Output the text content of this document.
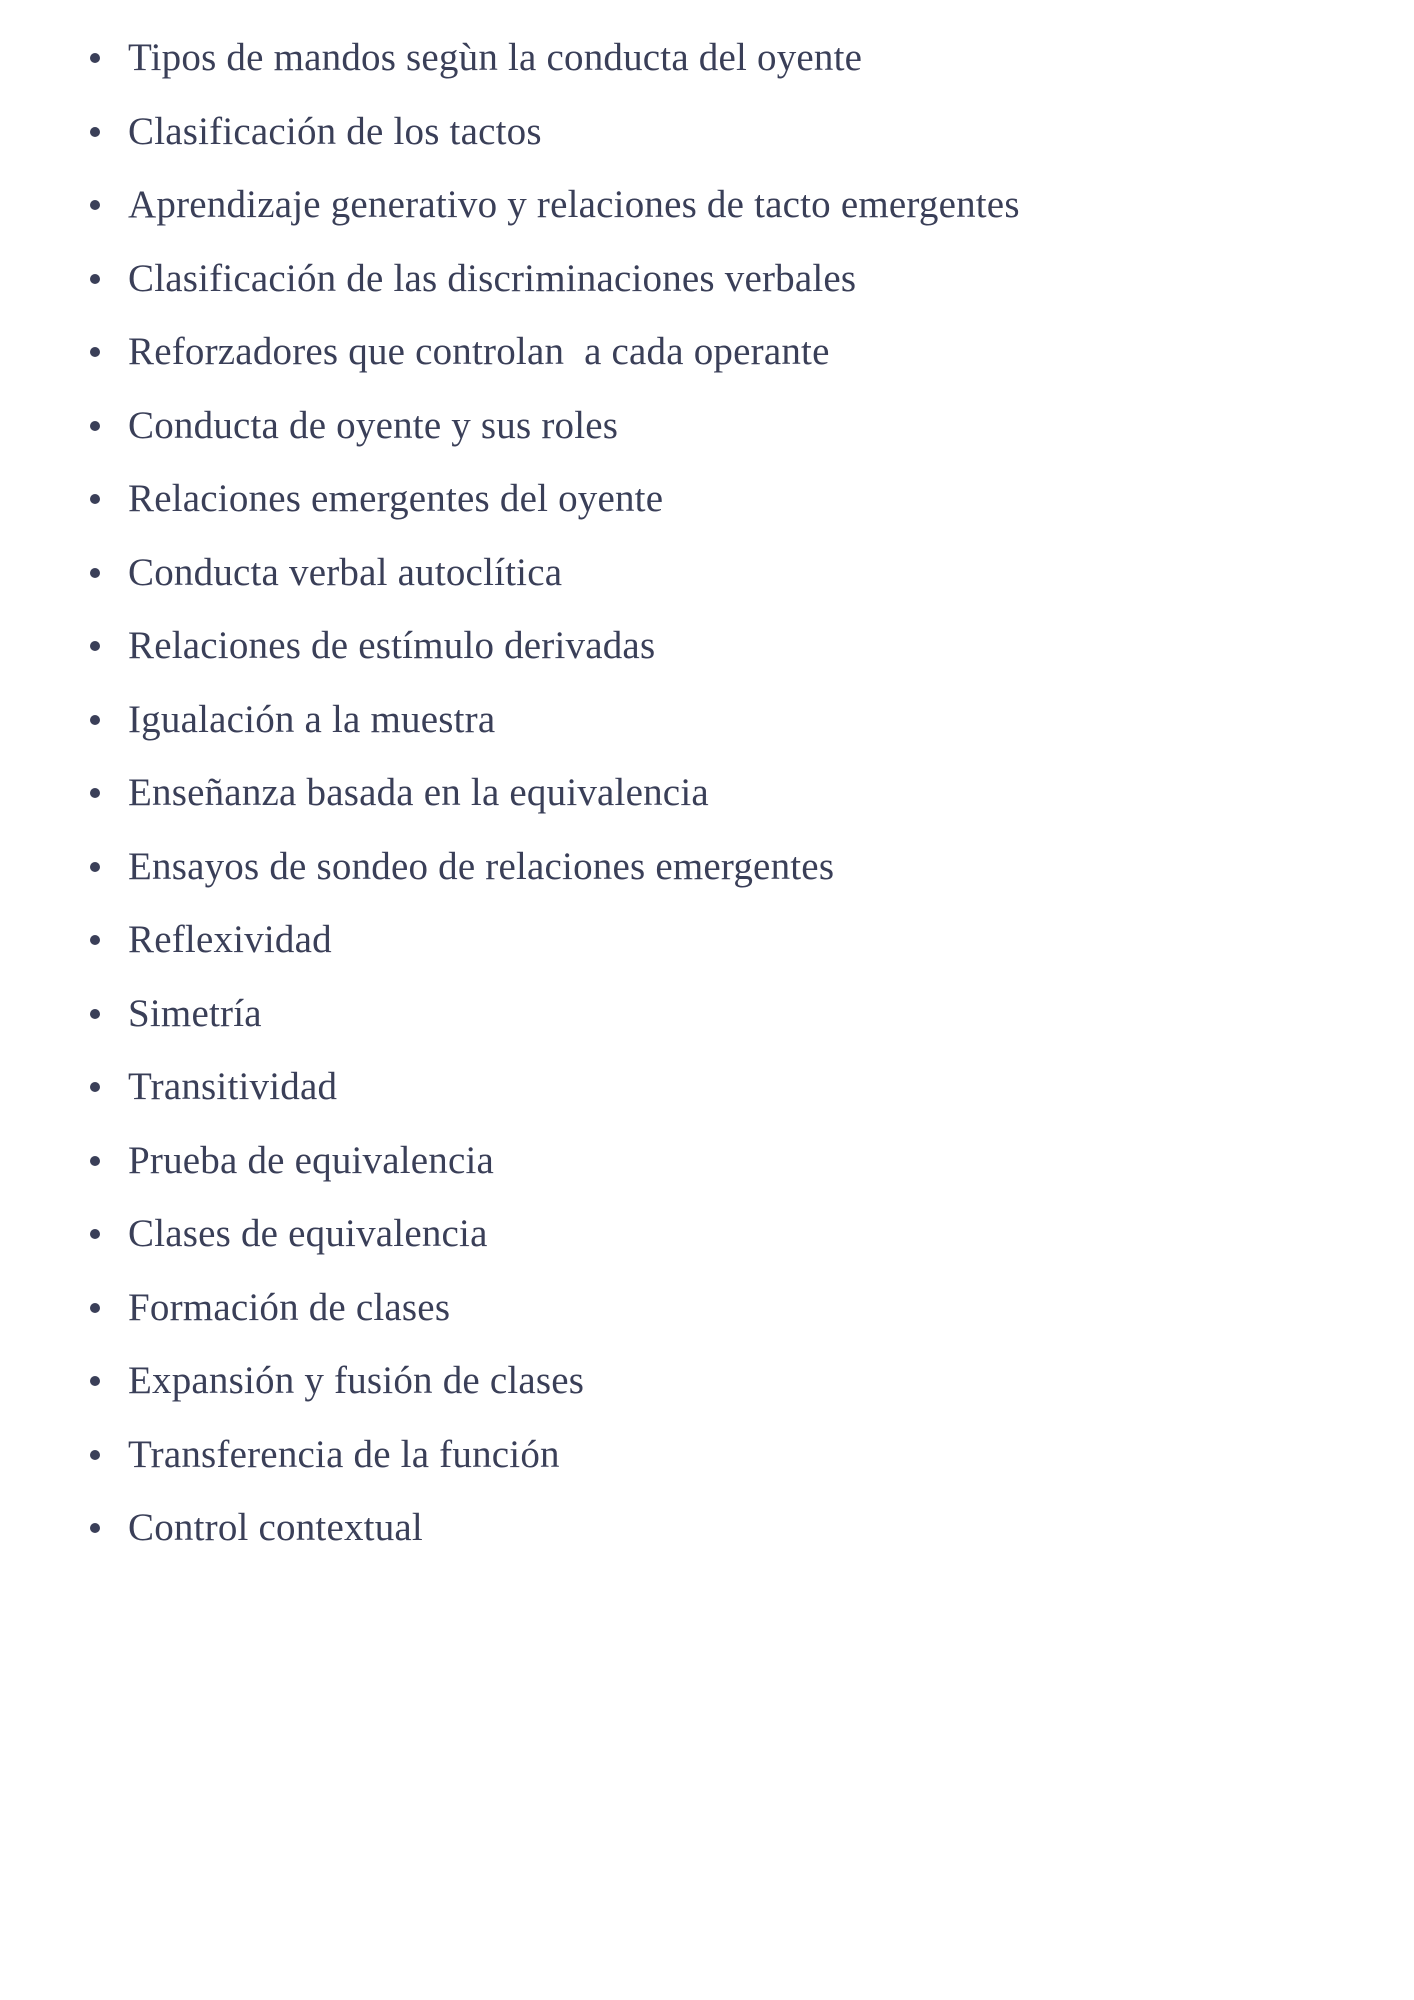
Tipos de mandos segùn la conducta del oyente
Clasificación de los tactos
Aprendizaje generativo y relaciones de tacto emergentes
Clasificación de las discriminaciones verbales
Reforzadores que controlan  a cada operante
Conducta de oyente y sus roles
Relaciones emergentes del oyente
Conducta verbal autoclítica
Relaciones de estímulo derivadas
Igualación a la muestra
Enseñanza basada en la equivalencia
Ensayos de sondeo de relaciones emergentes
Reflexividad
Simetría
Transitividad
Prueba de equivalencia
Clases de equivalencia
Formación de clases
Expansión y fusión de clases
Transferencia de la función
Control contextual
